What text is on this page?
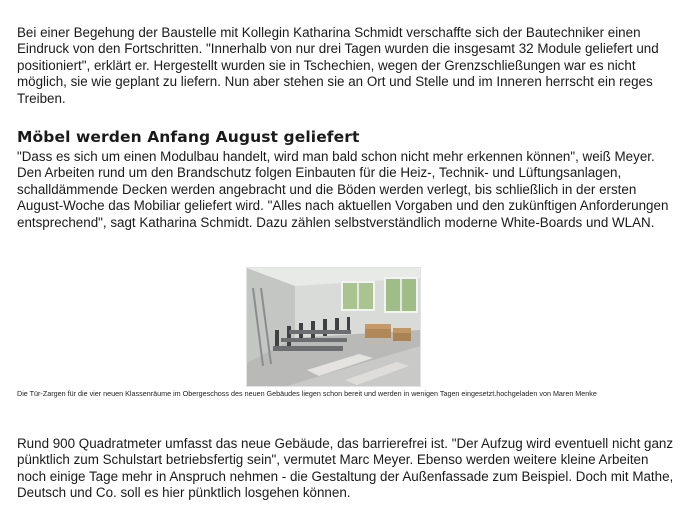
Bei einer Begehung der Baustelle mit Kollegin Katharina Schmidt verschaffte sich der Bautechniker einen Eindruck von den Fortschritten. "Innerhalb von nur drei Tagen wurden die insgesamt 32 Module geliefert und positioniert", erklärt er. Hergestellt wurden sie in Tschechien, wegen der Grenzschließungen war es nicht möglich, sie wie geplant zu liefern. Nun aber stehen sie an Ort und Stelle und im Inneren herrscht ein reges Treiben.

Möbel werden Anfang August geliefert

"Dass es sich um einen Modulbau handelt, wird man bald schon nicht mehr erkennen können", weiß Meyer. Den Arbeiten rund um den Brandschutz folgen Einbauten für die Heiz-, Technik- und Lüftungsanlagen, schalldämmende Decken werden angebracht und die Böden werden verlegt, bis schließlich in der ersten August-Woche das Mobiliar geliefert wird. "Alles nach aktuellen Vorgaben und den zukünftigen Anforderungen entsprechend", sagt Katharina Schmidt. Dazu zählen selbstverständlich moderne White-Boards und WLAN.

Die Tür-Zargen für die vier neuen Klassenräume im Obergeschoss des neuen Gebäudes liegen schon bereit und werden in wenigen Tagen eingesetzt.hochgeladen von Maren Menke

Rund 900 Quadratmeter umfasst das neue Gebäude, das barrierefrei ist. "Der Aufzug wird eventuell nicht ganz pünktlich zum Schulstart betriebsfertig sein", vermutet Marc Meyer. Ebenso werden weitere kleine Arbeiten noch einige Tage mehr in Anspruch nehmen - die Gestaltung der Außenfassade zum Beispiel. Doch mit Mathe, Deutsch und Co. soll es hier pünktlich losgehen können.
